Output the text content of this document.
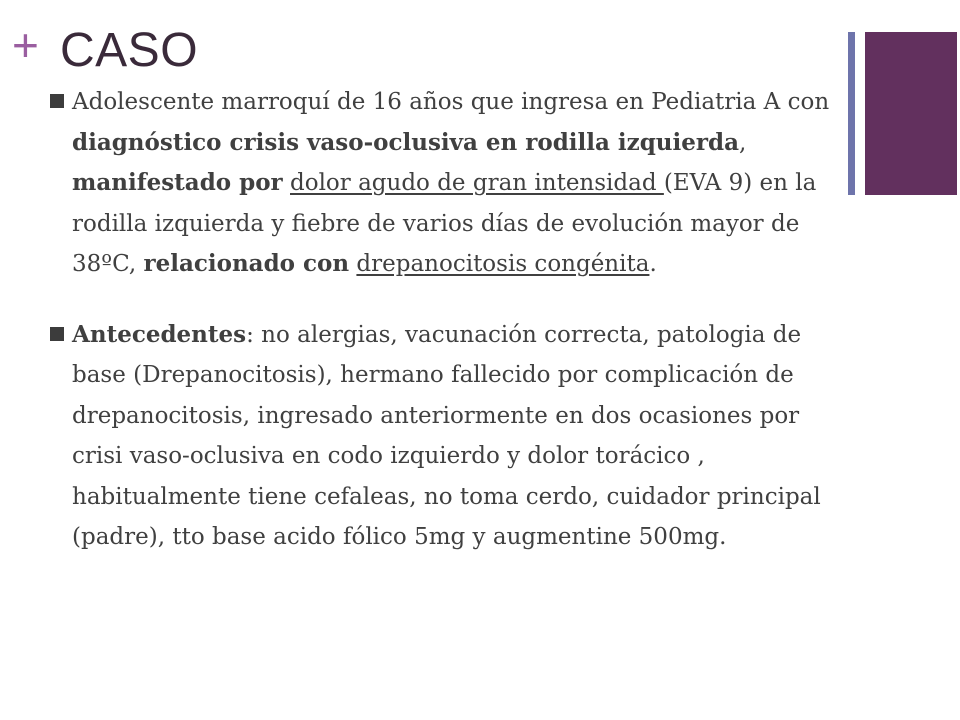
+ CASO
Adolescente marroquí de 16 años que ingresa en Pediatria A con diagnóstico crisis vaso-oclusiva en rodilla izquierda, manifestado por dolor agudo de gran intensidad (EVA 9) en la rodilla izquierda y fiebre de varios días de evolución mayor de 38ºC, relacionado con drepanocitosis congénita.
Antecedentes: no alergias, vacunación correcta, patologia de base (Drepanocitosis), hermano fallecido por complicación de drepanocitosis, ingresado anteriormente en dos ocasiones por crisi vaso-oclusiva en codo izquierdo y dolor torácico , habitualmente tiene cefaleas, no toma cerdo, cuidador principal (padre), tto base acido fólico 5mg y augmentine 500mg.
